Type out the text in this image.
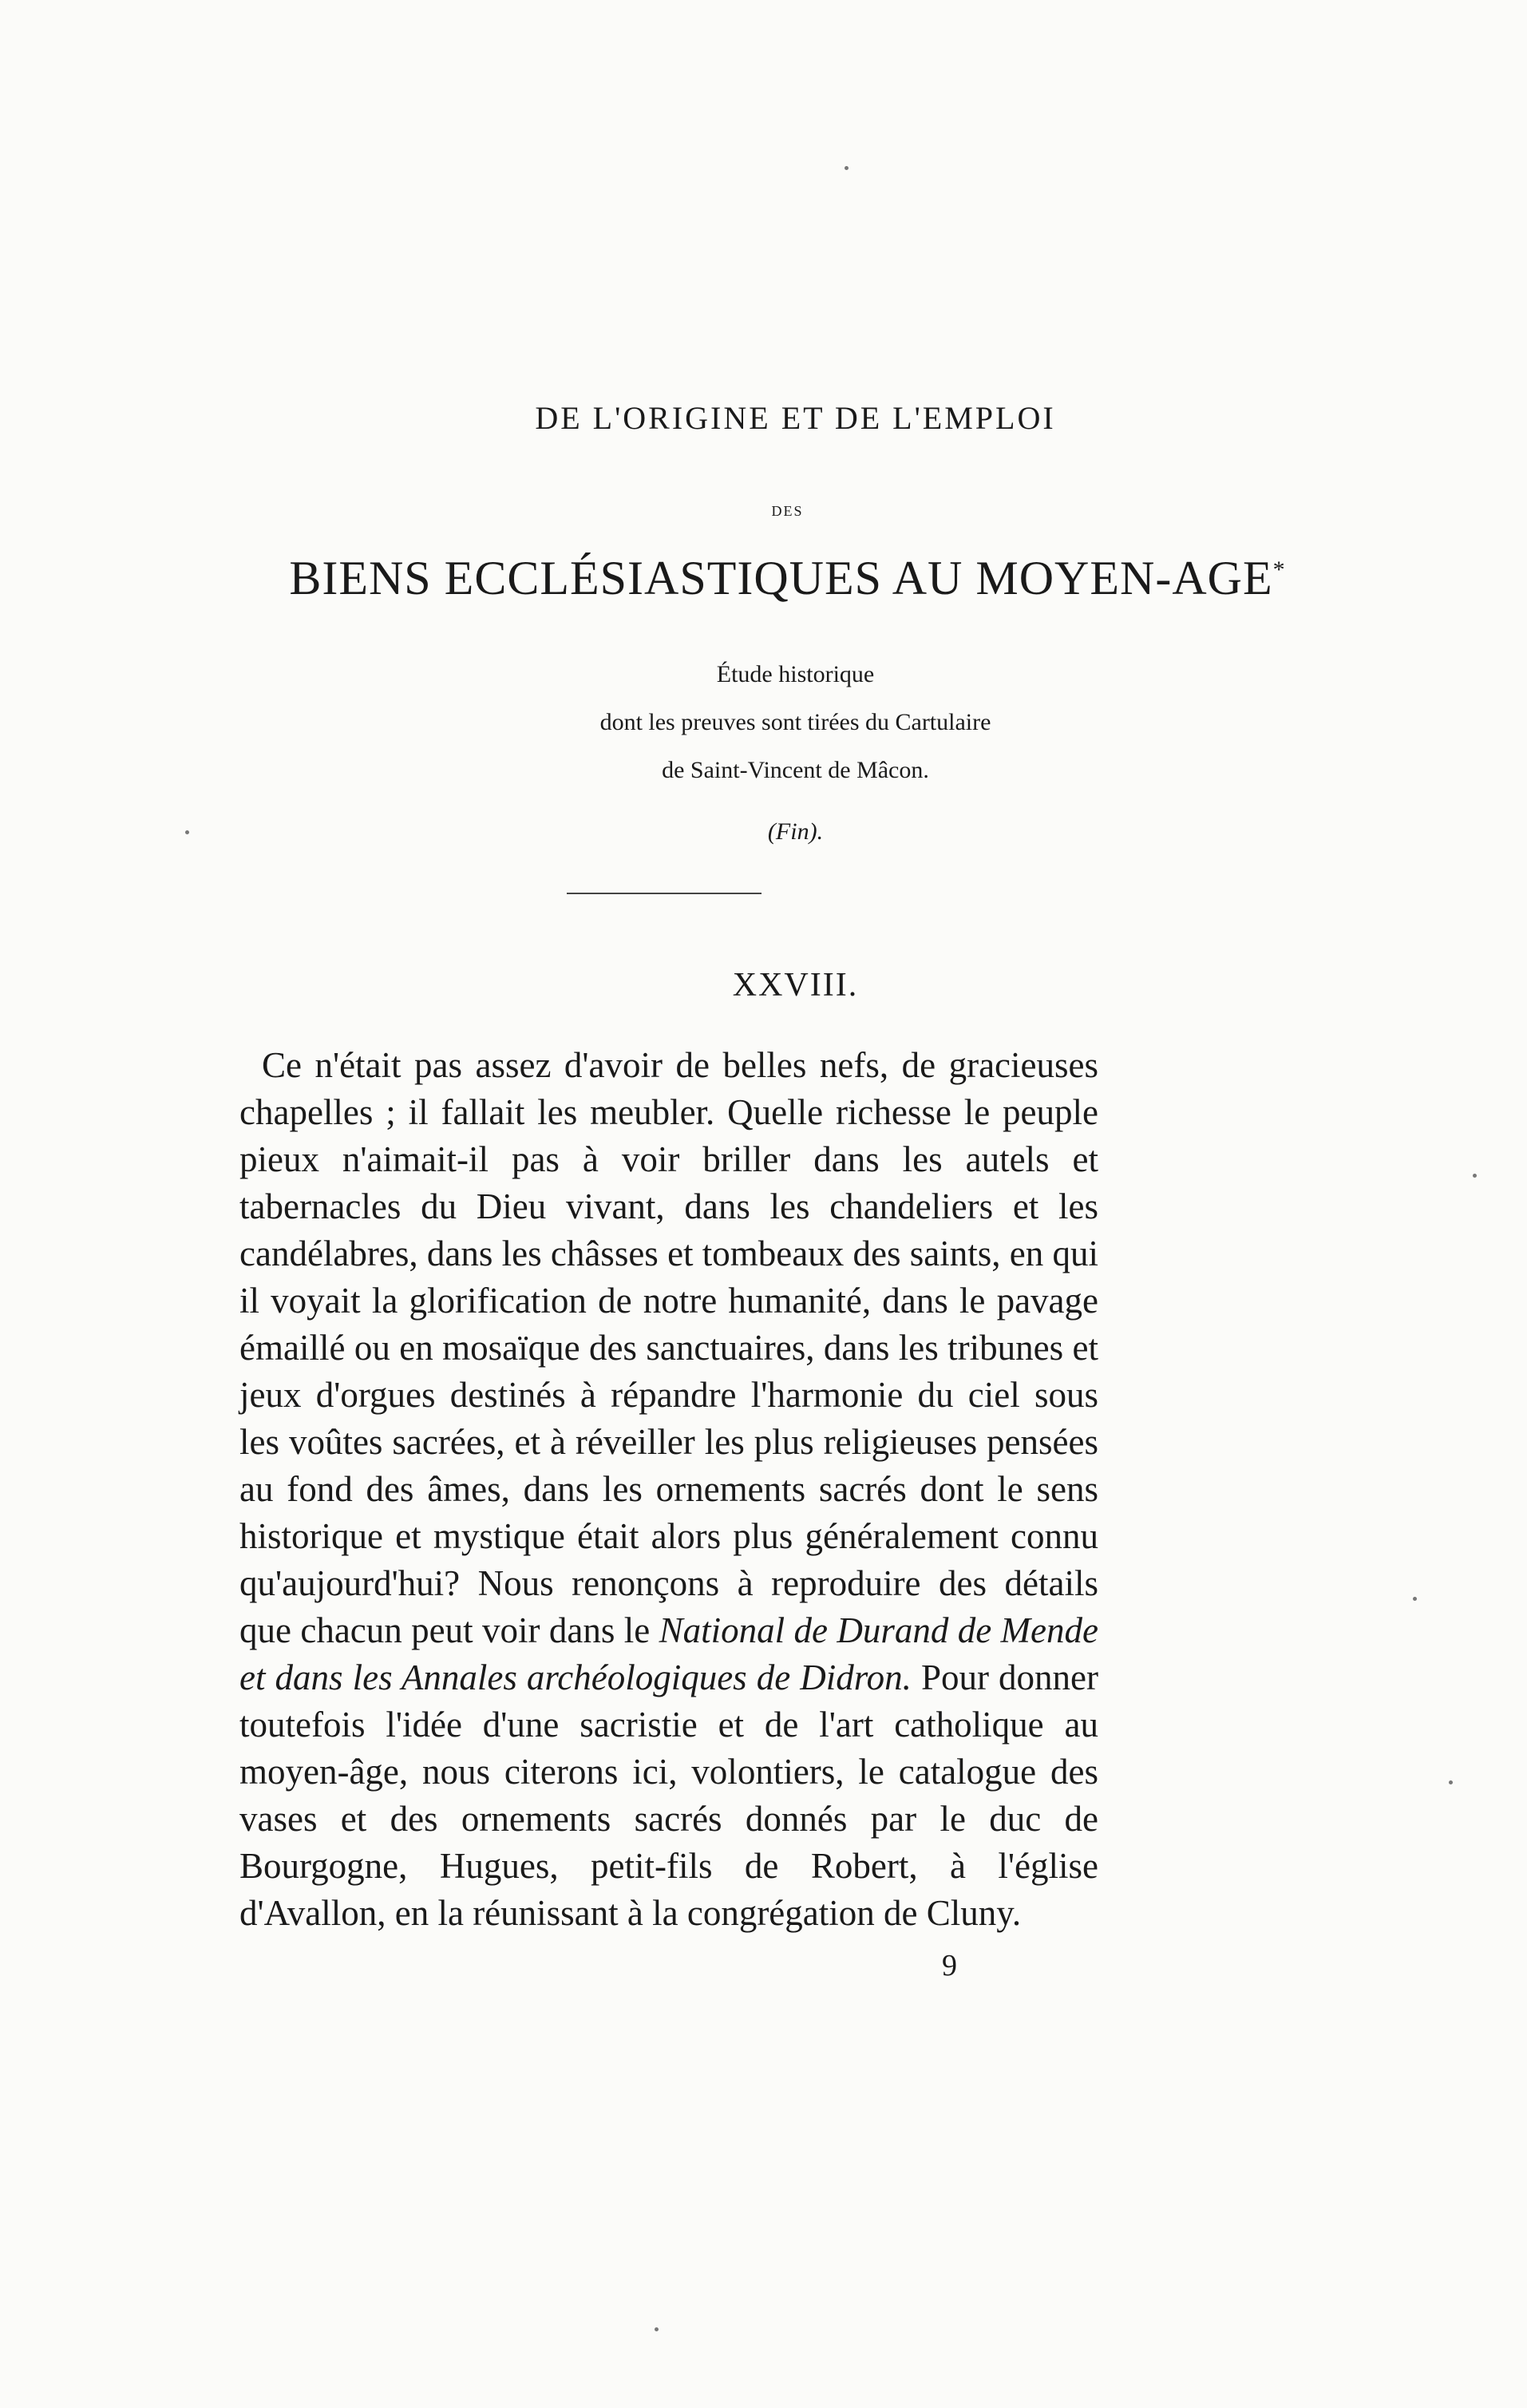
DE L'ORIGINE ET DE L'EMPLOI
DES
BIENS ECCLÉSIASTIQUES AU MOYEN-AGE*
Étude historique
dont les preuves sont tirées du Cartulaire
de Saint-Vincent de Mâcon.
(Fin).
XXVIII.

Ce n'était pas assez d'avoir de belles nefs, de gracieuses chapelles ; il fallait les meubler. Quelle richesse le peuple pieux n'aimait-il pas à voir briller dans les autels et tabernacles du Dieu vivant, dans les chandeliers et les candélabres, dans les châsses et tombeaux des saints, en qui il voyait la glorification de notre humanité, dans le pavage émaillé ou en mosaïque des sanctuaires, dans les tribunes et jeux d'orgues destinés à répandre l'harmonie du ciel sous les voûtes sacrées, et à réveiller les plus religieuses pensées au fond des âmes, dans les ornements sacrés dont le sens historique et mystique était alors plus généralement connu qu'aujourd'hui? Nous renonçons à reproduire des détails que chacun peut voir dans le National de Durand de Mende et dans les Annales archéologiques de Didron. Pour donner toutefois l'idée d'une sacristie et de l'art catholique au moyen-âge, nous citerons ici, volontiers, le catalogue des vases et des ornements sacrés donnés par le duc de Bourgogne, Hugues, petit-fils de Robert, à l'église d'Avallon, en la réunissant à la congrégation de Cluny.

9
